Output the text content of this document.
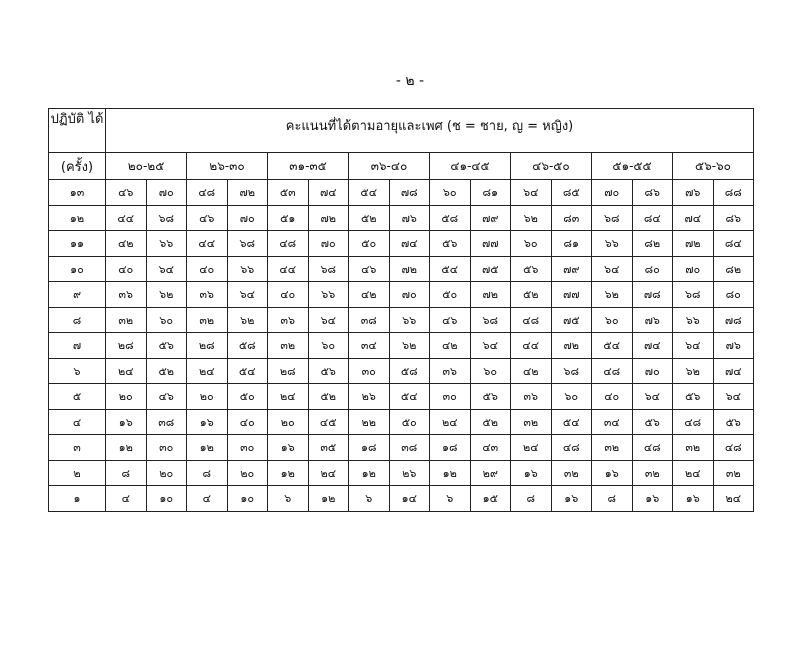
- ๒ -
ปฏิบัติ ได้	คะแนนที่ได้ตามอายุและเพศ (ช = ชาย, ญ = หญิง)															
(ครั้ง)	๒๐-๒๕		๒๖-๓๐		๓๑-๓๕		๓๖-๔๐		๔๑-๔๕		๔๖-๕๐		๕๑-๕๕		๕๖-๖๐	
๑๓	๔๖	๗๐	๔๘	๗๒	๕๓	๗๔	๕๔	๗๘	๖๐	๘๑	๖๔	๘๕	๗๐	๘๖	๗๖	๘๘
๑๒	๔๔	๖๘	๔๖	๗๐	๕๑	๗๒	๕๒	๗๖	๕๘	๗๙	๖๒	๘๓	๖๘	๘๔	๗๔	๘๖
๑๑	๔๒	๖๖	๔๔	๖๘	๔๘	๗๐	๕๐	๗๔	๕๖	๗๗	๖๐	๘๑	๖๖	๘๒	๗๒	๘๔
๑๐	๔๐	๖๔	๔๐	๖๖	๔๔	๖๘	๔๖	๗๒	๕๔	๗๕	๕๖	๗๙	๖๔	๘๐	๗๐	๘๒
๙	๓๖	๖๒	๓๖	๖๔	๔๐	๖๖	๔๒	๗๐	๕๐	๗๒	๕๒	๗๗	๖๒	๗๘	๖๘	๘๐
๘	๓๒	๖๐	๓๒	๖๒	๓๖	๖๔	๓๘	๖๖	๔๖	๖๘	๔๘	๗๕	๖๐	๗๖	๖๖	๗๘
๗	๒๘	๕๖	๒๘	๕๘	๓๒	๖๐	๓๔	๖๒	๔๒	๖๔	๔๔	๗๒	๕๔	๗๔	๖๔	๗๖
๖	๒๔	๕๒	๒๔	๕๔	๒๘	๕๖	๓๐	๕๘	๓๖	๖๐	๔๒	๖๘	๔๘	๗๐	๖๒	๗๔
๕	๒๐	๔๖	๒๐	๕๐	๒๔	๕๒	๒๖	๕๔	๓๐	๕๖	๓๖	๖๐	๔๐	๖๔	๕๖	๖๔
๔	๑๖	๓๘	๑๖	๔๐	๒๐	๔๕	๒๒	๕๐	๒๔	๕๒	๓๒	๕๔	๓๔	๕๖	๔๘	๕๖
๓	๑๒	๓๐	๑๒	๓๐	๑๖	๓๕	๑๘	๓๘	๑๘	๔๓	๒๔	๔๘	๓๒	๔๘	๓๒	๔๘
๒	๘	๒๐	๘	๒๐	๑๒	๒๔	๑๒	๒๖	๑๒	๒๙	๑๖	๓๒	๑๖	๓๒	๒๔	๓๒
๑	๔	๑๐	๔	๑๐	๖	๑๒	๖	๑๔	๖	๑๕	๘	๑๖	๘	๑๖	๑๖	๒๔
